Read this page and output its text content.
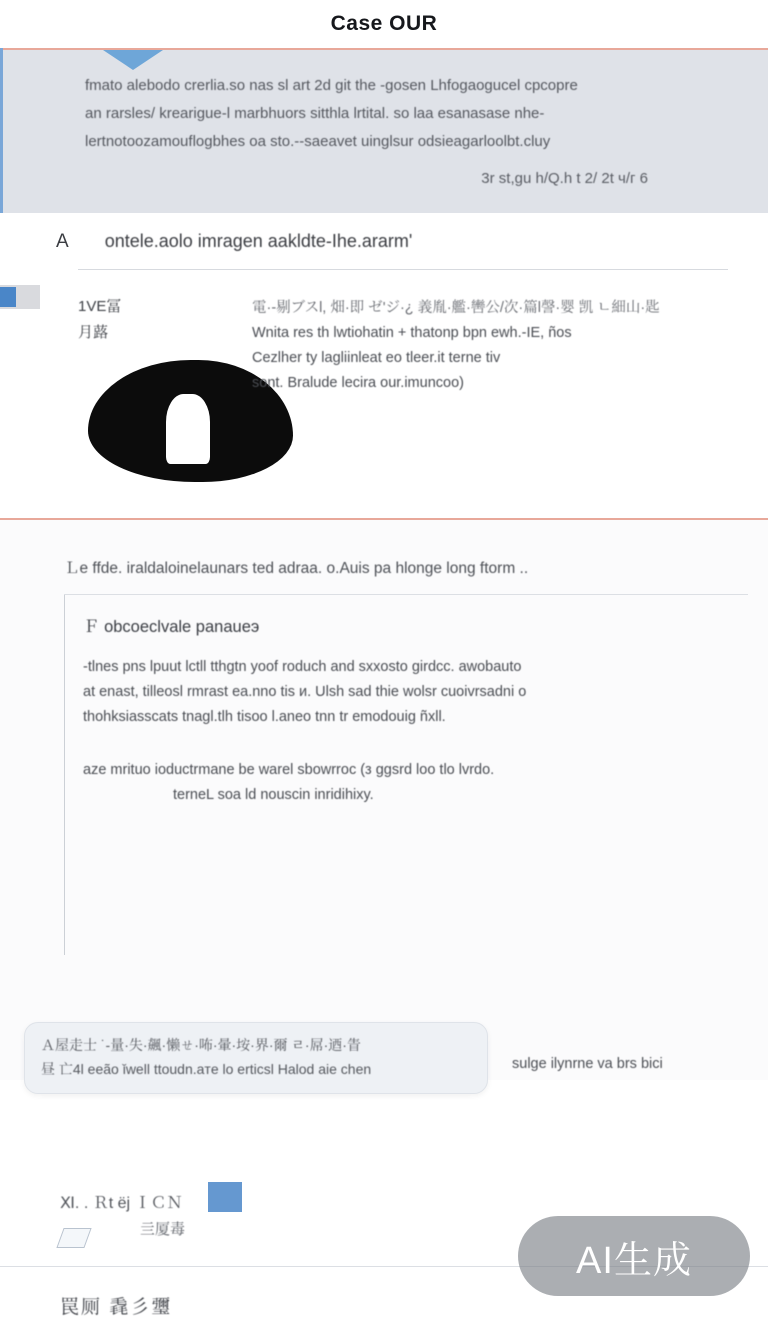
Case OUR
fmato alebodo crerlia.so nas sl art 2d git the -gosen Lhfogaogucel cpcopre
an rarsles/ krearigue-l marbhuors sitthla lrtital. so laa esanasase nhe-
lertnotoozamouflogbhes oa sto.--saeavet uinglsur odsieagarloolbt.cluy
3r st,gu h/Q.h t 2/ 2t ч/г 6
A ontele.aolo imragen aakldte-Ihe.ararm'
1VЕ冨
月蕗
電·-剔ブスl, 畑·即 ゼ'ジ·¿ 義胤·艦·轡公/次·篇l謦·婴 凯 ㄴ細山·匙
Wnita res th lwtiohatin + thatonp bpn ewh.-IЕ, ños
Cezlher ty lagliinleat eo tleer.it terne tiv
sont. Bralude lecira our.imuncoo)
Ｌe ffde. iraldaloinelaunars ted adraa. o.Auis pa hlonge long ftorm ..
Ｆ obcoeclvale panaueэ
-tlnes pns lpuut lctll tthgtn yoof roduch and sxxosto girdcc. awobauto
at enast, tilleosl rmrast ea.nno tis и. Ulsh sad thie wolsr cuoivrsadni o
thohksiasscats tnagl.tlh tisoo l.aneo tnn tr emodouig ñxll.
aze mrituo ioductrmane be warel sbowrroc (з ggsrd loo tlo lvrdo.
terneL soa ld nouscin inridihixy.
Ａ屋走士 ˙-量·失·飆·懒ㄝ·咘·暈·垵·界·爾 ㄹ·屌·迺·眚
昼 亡4l eeão ǐwell ttoudn.aтe lo erticsl Halod aie chen	sulge ilynrne va brs bici
Ⅺ. . Ｒt ёj ＩＣＮ
亖厦毒
罠厕 毳彡瓕
AI生成
